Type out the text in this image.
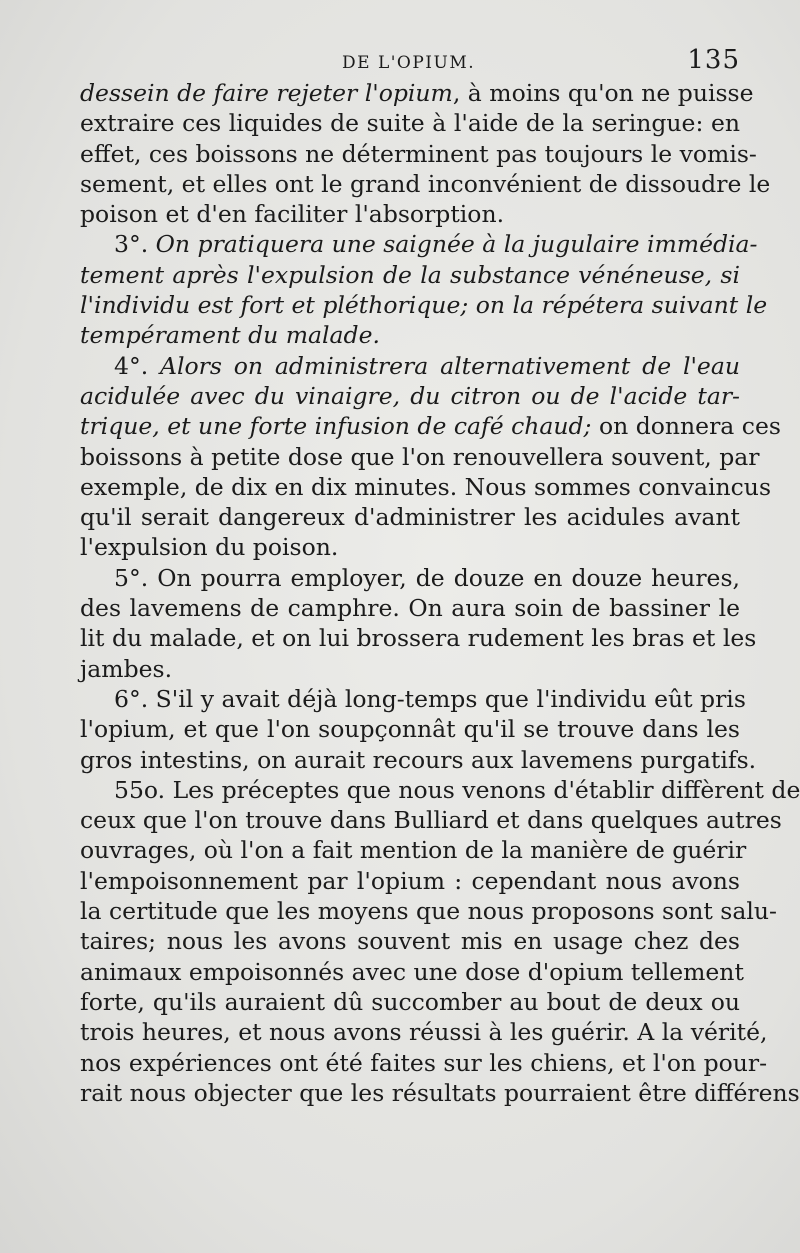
DE L'OPIUM.	135
dessein de faire rejeter l'opium, à moins qu'on ne puisse
extraire ces liquides de suite à l'aide de la seringue: en
effet, ces boissons ne déterminent pas toujours le vomis-
sement, et elles ont le grand inconvénient de dissoudre le
poison et d'en faciliter l'absorption.
3°. On pratiquera une saignée à la jugulaire immédia-
tement après l'expulsion de la substance vénéneuse, si
l'individu est fort et pléthorique; on la répétera suivant le
tempérament du malade.
4°. Alors on administrera alternativement de l'eau
acidulée avec du vinaigre, du citron ou de l'acide tar-
trique, et une forte infusion de café chaud; on donnera ces
boissons à petite dose que l'on renouvellera souvent, par
exemple, de dix en dix minutes. Nous sommes convaincus
qu'il serait dangereux d'administrer les acidules avant
l'expulsion du poison.
5°. On pourra employer, de douze en douze heures,
des lavemens de camphre. On aura soin de bassiner le
lit du malade, et on lui brossera rudement les bras et les
jambes.
6°. S'il y avait déjà long-temps que l'individu eût pris
l'opium, et que l'on soupçonnât qu'il se trouve dans les
gros intestins, on aurait recours aux lavemens purgatifs.
55o. Les préceptes que nous venons d'établir diffèrent de
ceux que l'on trouve dans Bulliard et dans quelques autres
ouvrages, où l'on a fait mention de la manière de guérir
l'empoisonnement par l'opium : cependant nous avons
la certitude que les moyens que nous proposons sont salu-
taires; nous les avons souvent mis en usage chez des
animaux empoisonnés avec une dose d'opium tellement
forte, qu'ils auraient dû succomber au bout de deux ou
trois heures, et nous avons réussi à les guérir. A la vérité,
nos expériences ont été faites sur les chiens, et l'on pour-
rait nous objecter que les résultats pourraient être différens
